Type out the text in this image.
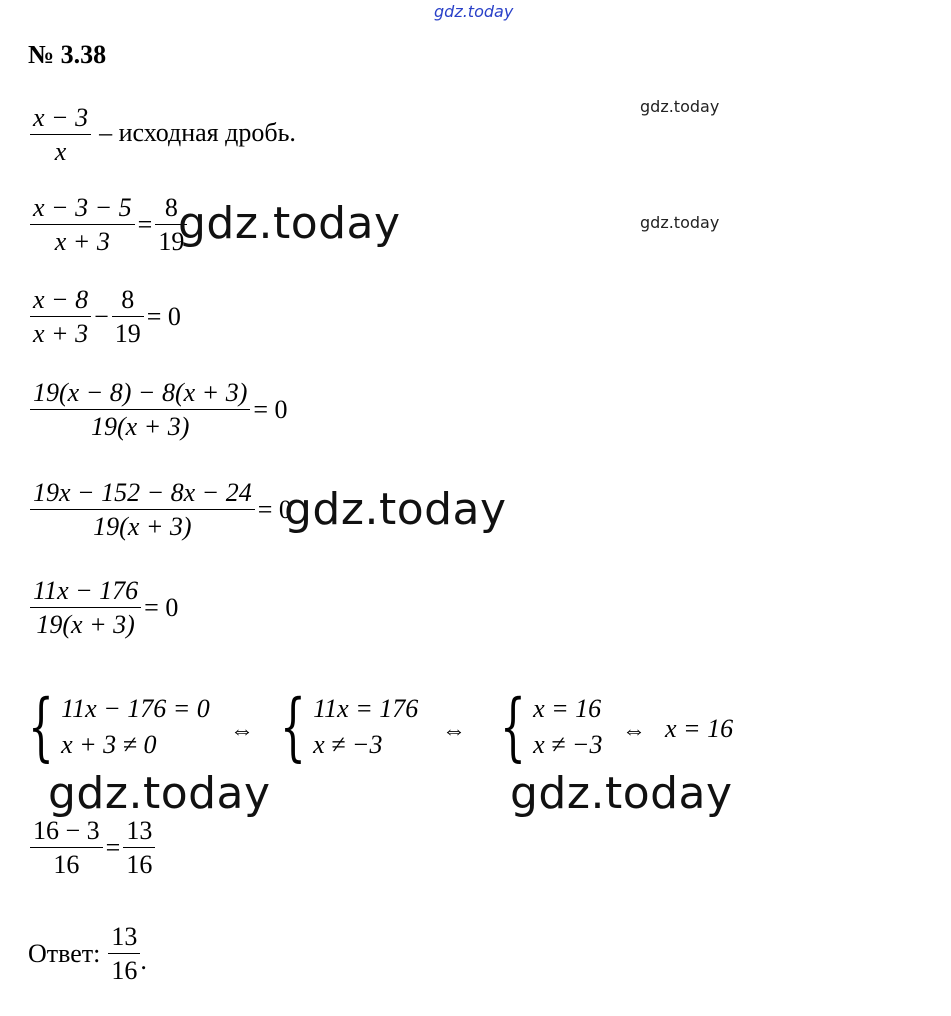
gdz.today
№ 3.38
gdz.today
gdz.today
$\frac{x - 3}{x}$ – исходная дробь.
$\frac{x - 3 - 5}{x + 3} = \frac{8}{19}$
gdz.today
$\frac{x - 8}{x + 3} - \frac{8}{19} = 0$
$\frac{19(x - 8) - 8(x + 3)}{19(x + 3)} = 0$
$\frac{19x - 152 - 8x - 24}{19(x + 3)} = 0$
gdz.today
$\frac{11x - 176}{19(x + 3)} = 0$
{ 11x − 176 = 0
x + 3 ≠ 0	⇔ { 11x = 176
x ≠ −3	⇔ { x = 16
x ≠ −3 ⇔ x = 16
gdz.today	gdz.today
$\frac{16 - 3}{16} = \frac{13}{16}$
Ответ: $\frac{13}{16}$ .
